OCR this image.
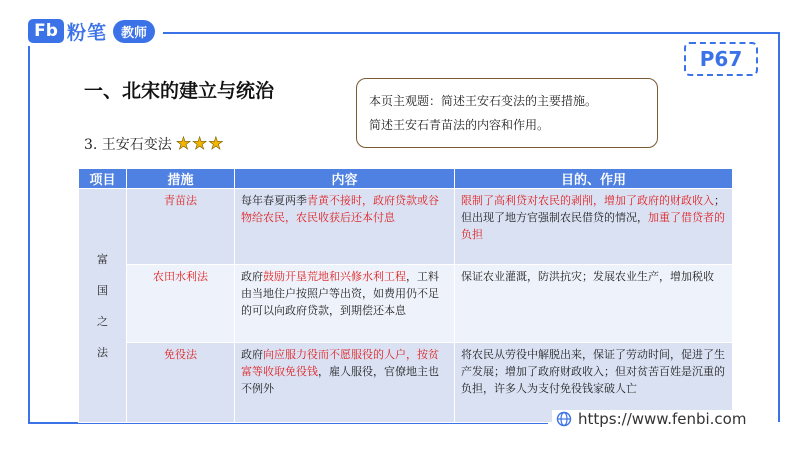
Fb 粉笔	教师
P67
一、北宋的建立与统治	本页主观题：简述王安石变法的主要措施。
简述王安石青苗法的内容和作用。
3. 王安石变法 ★★★
项目	措施	内容	目的、作用

富
国
之
法	青苗法	每年春夏两季青黄不接时，政府贷款或谷物给农民，农民收获后还本付息	限制了高利贷对农民的剥削，增加了政府的财政收入；但出现了地方官强制农民借贷的情况，加重了借贷者的负担
	农田水利法	政府鼓励开垦荒地和兴修水利工程，工料由当地住户按照户等出资，如费用仍不足的可以向政府贷款，到期偿还本息	保证农业灌溉，防洪抗灾；发展农业生产，增加税收
	免役法	政府向应服力役而不愿服役的人户，按贫富等收取免役钱，雇人服役，官僚地主也不例外	将农民从劳役中解脱出来，保证了劳动时间，促进了生产发展；增加了政府财政收入；但对贫苦百姓是沉重的负担，许多人为支付免役钱家破人亡
https://www.fenbi.com
